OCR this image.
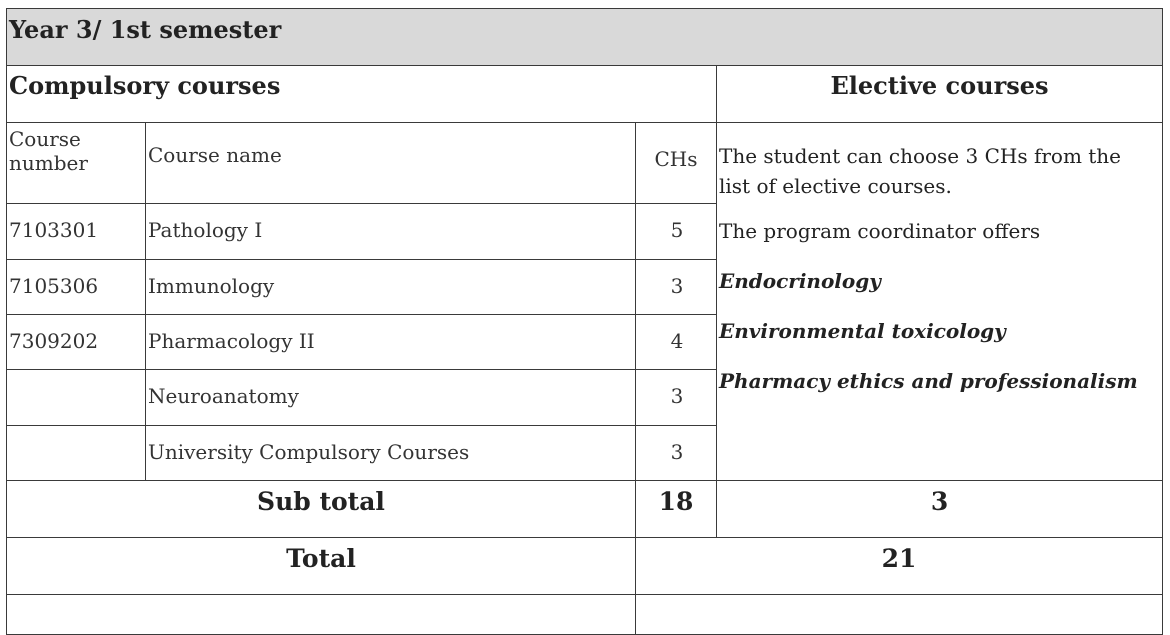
Year 3/ 1st semester			
Compulsory courses			Elective courses
Course number	Course name	CHs	The student can choose 3 CHs from the list of elective courses.

The program coordinator offers

Endocrinology

Environmental toxicology

Pharmacy ethics and professionalism

7103301	Pathology I	5	
7105306	Immunology	3	
7309202	Pharmacology II	4	
	Neuroanatomy	3	
	University Compulsory Courses	3	
Sub total		18	3
Total		21	
